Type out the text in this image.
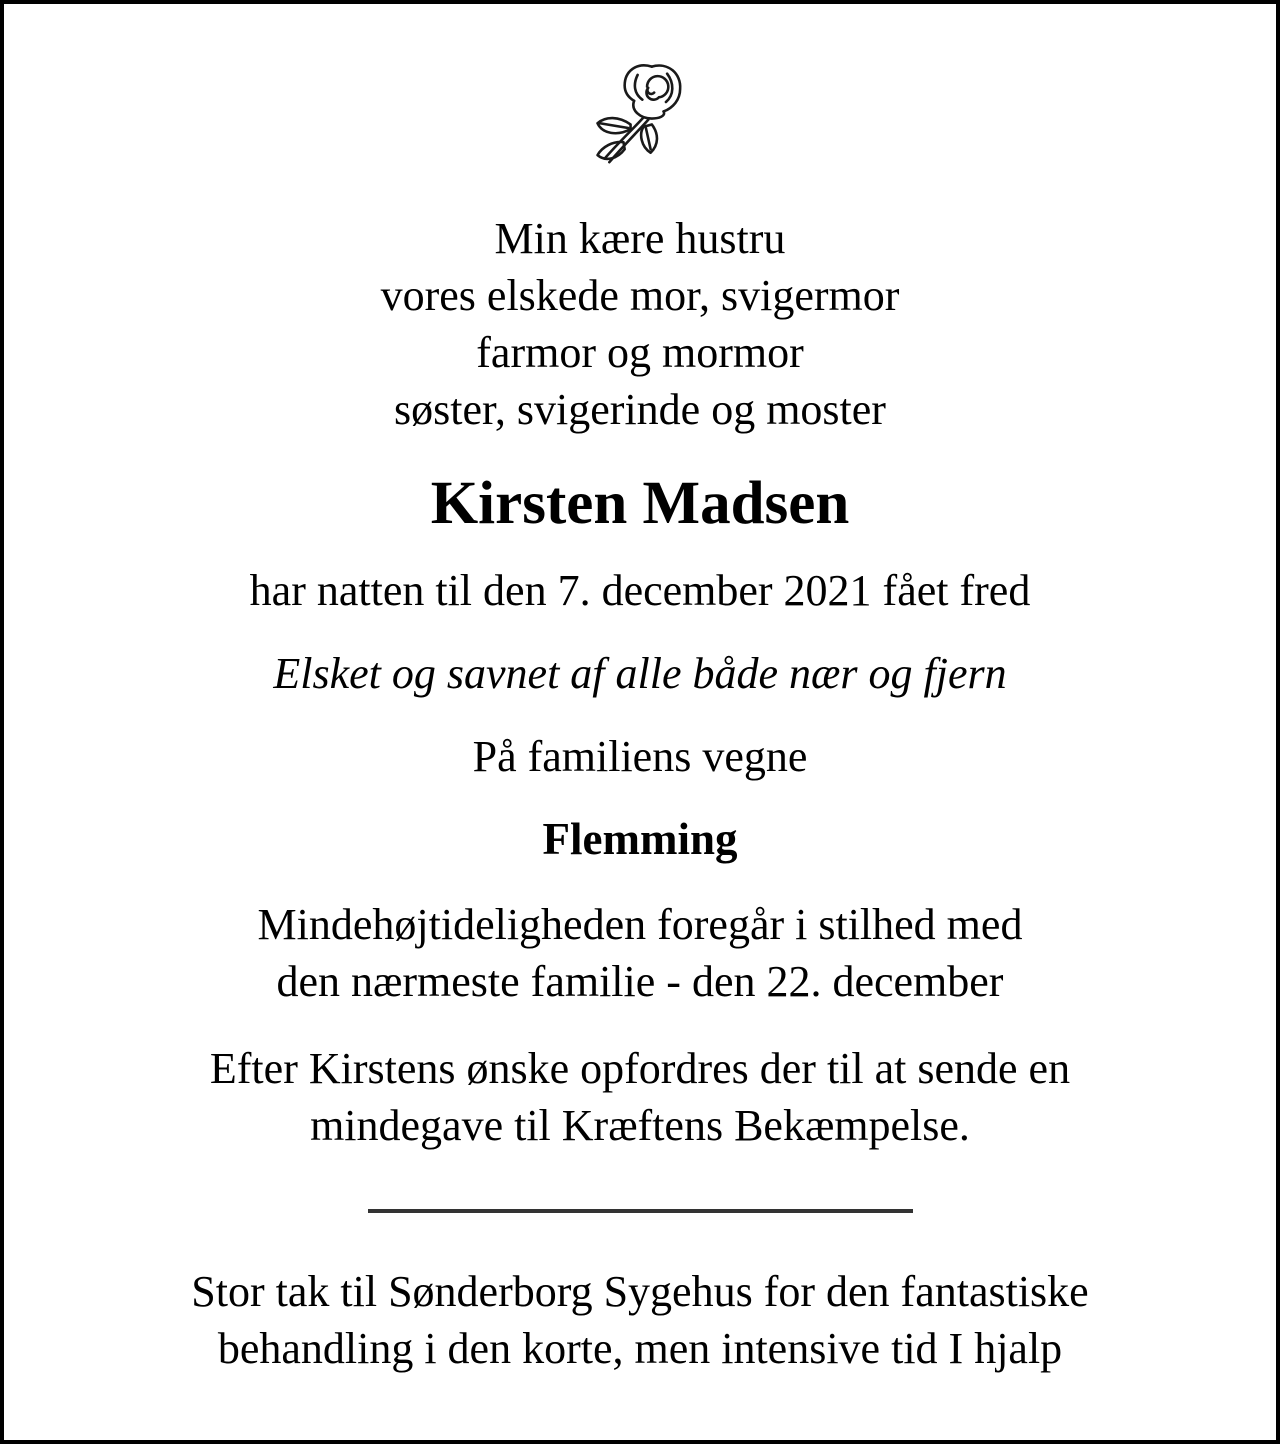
Min kære hustru
vores elskede mor, svigermor
farmor og mormor
søster, svigerinde og moster
Kirsten Madsen
har natten til den 7. december 2021 fået fred
Elsket og savnet af alle både nær og fjern
På familiens vegne
Flemming
Mindehøjtideligheden foregår i stilhed med
den nærmeste familie - den 22. december
Efter Kirstens ønske opfordres der til at sende en
mindegave til Kræftens Bekæmpelse.
Stor tak til Sønderborg Sygehus for den fantastiske
behandling i den korte, men intensive tid I hjalp
